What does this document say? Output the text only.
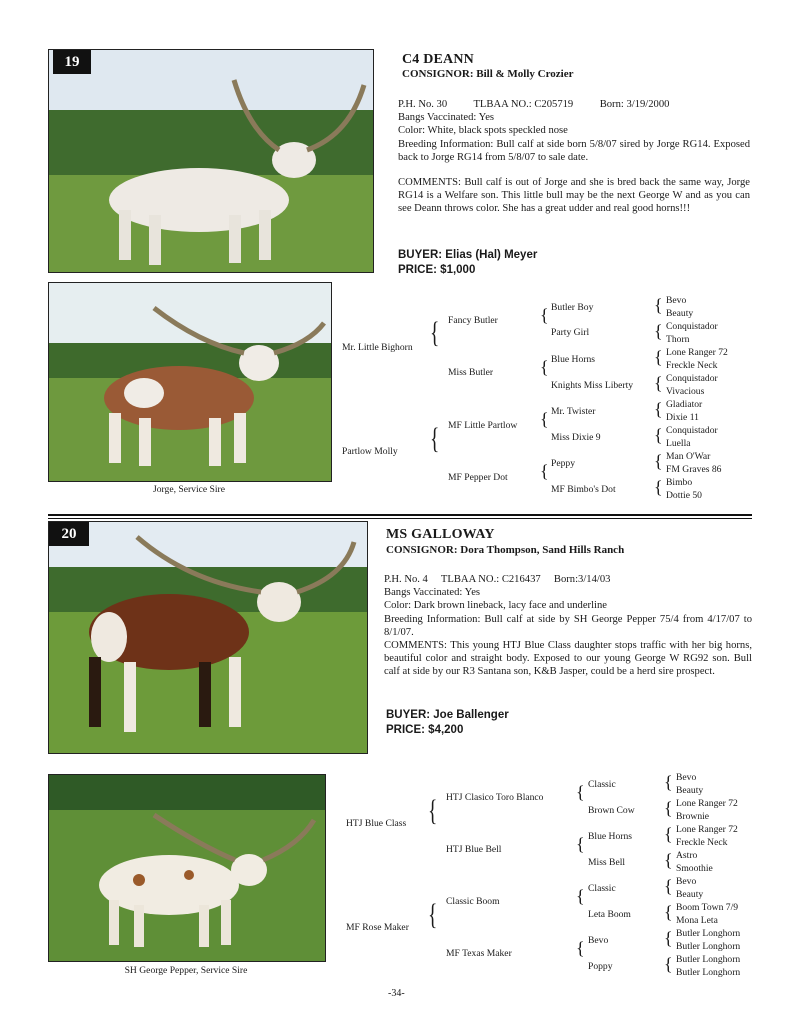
19	C4 DEANN
CONSIGNOR: Bill & Molly Crozier

P.H. No. 30          TLBAA NO.: C205719          Born: 3/19/2000

Bangs Vaccinated: Yes

Color: White, black spots speckled nose

Breeding Information: Bull calf at side born 5/8/07 sired by Jorge RG14. Exposed back to Jorge RG14 from 5/8/07 to sale date.

COMMENTS: Bull calf is out of Jorge and she is bred back the same way, Jorge RG14 is a Welfare son. This little bull may be the next George W and as you can see Deann throws color. She has a great udder and real good horns!!!

BUYER: Elias (Hal) Meyer
PRICE: $1,000
Jorge, Service Sire
Mr. Little Bighorn
Partlow Molly
{
{
Fancy Butler
Miss Butler
MF Little Partlow
MF Pepper Dot
{
{
{
{
Butler Boy
Party Girl
Blue Horns
Knights Miss Liberty
Mr. Twister
Miss Dixie 9
Peppy
MF Bimbo's Dot
{
{
{
{
{
{
{
{
Bevo
Beauty
Conquistador
Thorn
Lone Ranger 72
Freckle Neck
Conquistador
Vivacious
Gladiator
Dixie 11
Conquistador
Luella
Man O'War
FM Graves 86
Bimbo
Dottie 50
20	MS GALLOWAY
CONSIGNOR: Dora Thompson, Sand Hills Ranch

P.H. No. 4     TLBAA NO.: C216437     Born:3/14/03

Bangs Vaccinated: Yes

Color: Dark brown lineback, lacy face and underline

Breeding Information: Bull calf at side by SH George Pepper 75/4 from 4/17/07 to 8/1/07.

COMMENTS: This young HTJ Blue Class daughter stops traffic with her big horns, beautiful color and straight body. Exposed to our young George W RG92 son. Bull calf at side by our R3 Santana son, K&B Jasper, could be a herd sire prospect.

BUYER: Joe Ballenger
PRICE: $4,200
SH George Pepper, Service Sire
HTJ Blue Class
MF Rose Maker
{
{
HTJ Clasico Toro Blanco
HTJ Blue Bell
Classic Boom
MF Texas Maker
{
{
{
{
Classic
Brown Cow
Blue Horns
Miss Bell
Classic
Leta Boom
Bevo
Poppy
{
{
{
{
{
{
{
{
Bevo
Beauty
Lone Ranger 72
Brownie
Lone Ranger 72
Freckle Neck
Astro
Smoothie
Bevo
Beauty
Boom Town 7/9
Mona Leta
Butler Longhorn
Butler Longhorn
Butler Longhorn
Butler Longhorn
-34-
